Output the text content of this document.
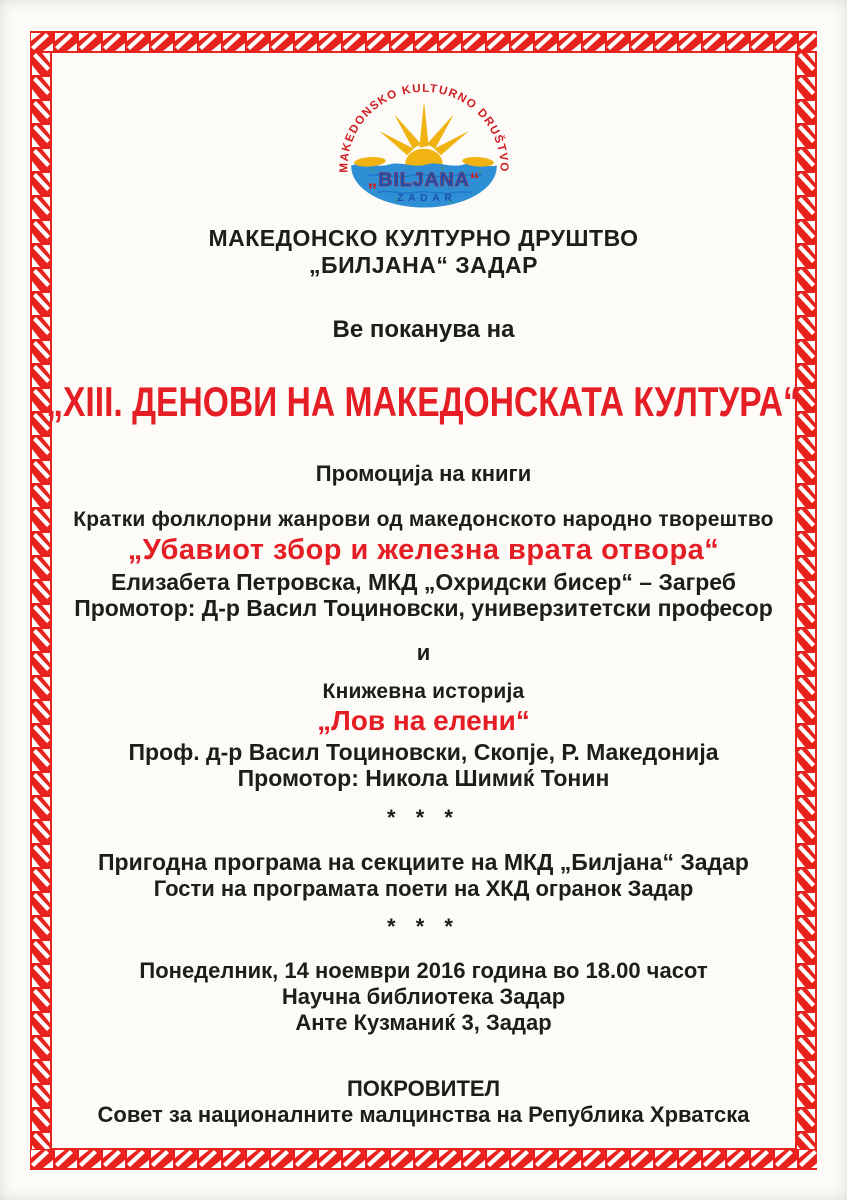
MAKEDONSKO KULTURNO DRUŠTVO
„BILJANA“
ZADAR
МАКЕДОНСКО КУЛТУРНО ДРУШТВО
„БИЛЈАНА“ ЗАДАР
Ве поканува на
„XIII. ДЕНОВИ НА МАКЕДОНСКАТА КУЛТУРА“
Промоција на книги
Кратки фолклорни жанрови од македонското народно творештво
„Убавиот збор и железна врата отвора“
Елизабета Петровска, МКД „Охридски бисер“ – Загреб
Промотор: Д-р Васил Тоциновски, универзитетски професор
и
Книжевна историја
„Лов на елени“
Проф. д-р Васил Тоциновски, Скопје, Р. Македонија
Промотор: Никола Шимиќ Тонин
* * *
Пригодна програма на секциите на МКД „Билјана“ Задар
Гости на програмата поети на ХКД огранок Задар
* * *
Понеделник, 14 ноември 2016 година во 18.00 часот
Научна библиотека Задар
Анте Кузманиќ 3, Задар
ПОКРОВИТЕЛ
Совет за националните малцинства на Република Хрватска
